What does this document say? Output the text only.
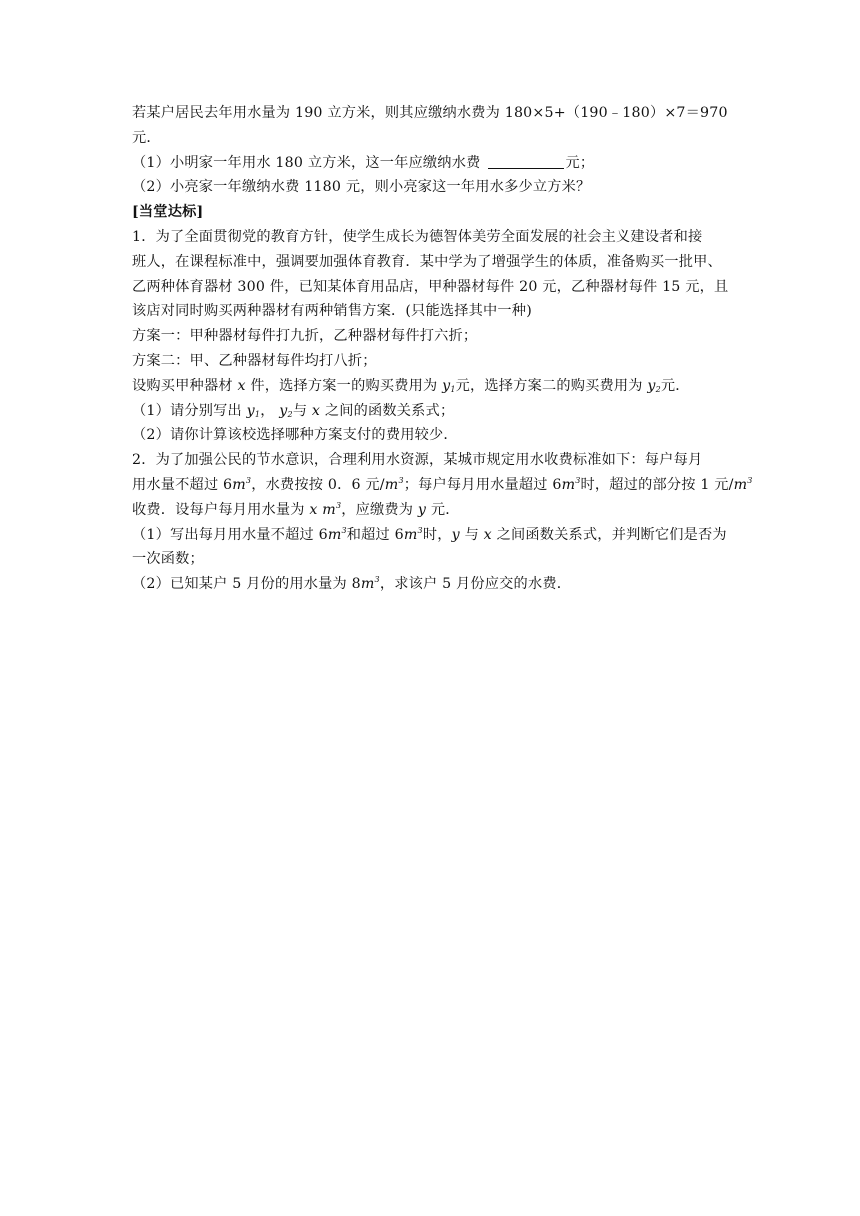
若某户居民去年用水量为 190 立方米，则其应缴纳水费为 180×5+（190﹣180）×7＝970
元．
（1）小明家一年用水 180 立方米，这一年应缴纳水费	元；
（2）小亮家一年缴纳水费 1180 元，则小亮家这一年用水多少立方米？
[当堂达标]
1．为了全面贯彻党的教育方针，使学生成长为德智体美劳全面发展的社会主义建设者和接
班人，在课程标准中，强调要加强体育教育．某中学为了增强学生的体质，准备购买一批甲、
乙两种体育器材 300 件，已知某体育用品店，甲种器材每件 20 元，乙种器材每件 15 元，且
该店对同时购买两种器材有两种销售方案．(只能选择其中一种)
方案一：甲种器材每件打九折，乙种器材每件打六折；
方案二：甲、乙种器材每件均打八折；
设购买甲种器材 x 件，选择方案一的购买费用为 $y_1$元，选择方案二的购买费用为 $y_2$元．
（1）请分别写出 $y_1$， $y_2$与 x 之间的函数关系式；
（2）请你计算该校选择哪种方案支付的费用较少．
2．为了加强公民的节水意识，合理利用水资源，某城市规定用水收费标准如下：每户每月
用水量不超过 $6m^3$，水费按按 0．6 元$/m^3$；每户每月用水量超过 $6m^3$时，超过的部分按 1 元$/m^3$
收费．设每户每月用水量为 x $m^3$，应缴费为 y 元．
（1）写出每月用水量不超过 $6m^3$和超过 $6m^3$时，y 与 x 之间函数关系式，并判断它们是否为
一次函数；
（2）已知某户 5 月份的用水量为 $8m^3$，求该户 5 月份应交的水费．
